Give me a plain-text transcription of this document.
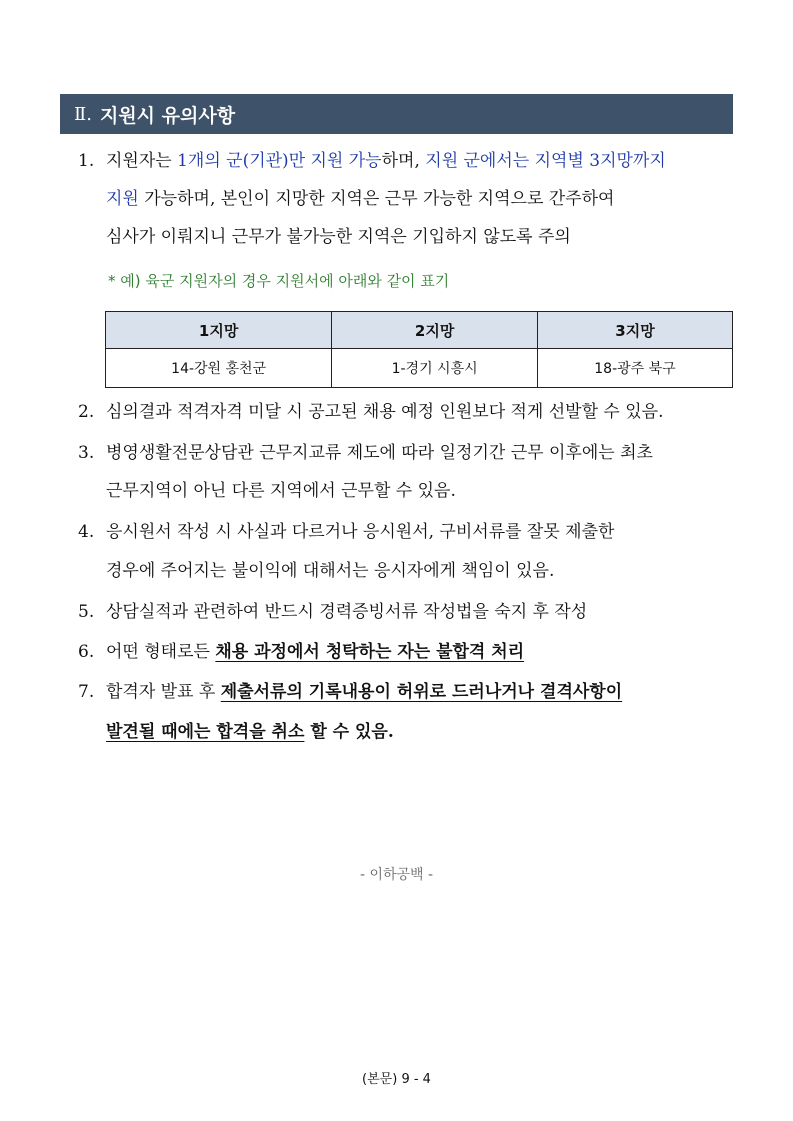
Ⅱ. 지원시 유의사항
1. 지원자는 1개의 군(기관)만 지원 가능하며, 지원 군에서는 지역별 3지망까지
지원 가능하며, 본인이 지망한 지역은 근무 가능한 지역으로 간주하여
심사가 이뤄지니 근무가 불가능한 지역은 기입하지 않도록 주의
* 예) 육군 지원자의 경우 지원서에 아래와 같이 표기
1지망	2지망	3지망
14-강원 홍천군	1-경기 시흥시	18-광주 북구
2. 심의결과 적격자격 미달 시 공고된 채용 예정 인원보다 적게 선발할 수 있음.
3. 병영생활전문상담관 근무지교류 제도에 따라 일정기간 근무 이후에는 최초
근무지역이 아닌 다른 지역에서 근무할 수 있음.
4. 응시원서 작성 시 사실과 다르거나 응시원서, 구비서류를 잘못 제출한
경우에 주어지는 불이익에 대해서는 응시자에게 책임이 있음.
5. 상담실적과 관련하여 반드시 경력증빙서류 작성법을 숙지 후 작성
6. 어떤 형태로든 채용 과정에서 청탁하는 자는 불합격 처리
7. 합격자 발표 후 제출서류의 기록내용이 허위로 드러나거나 결격사항이
발견될 때에는 합격을 취소 할 수 있음.
- 이하공백 -
(본문) 9 - 4
